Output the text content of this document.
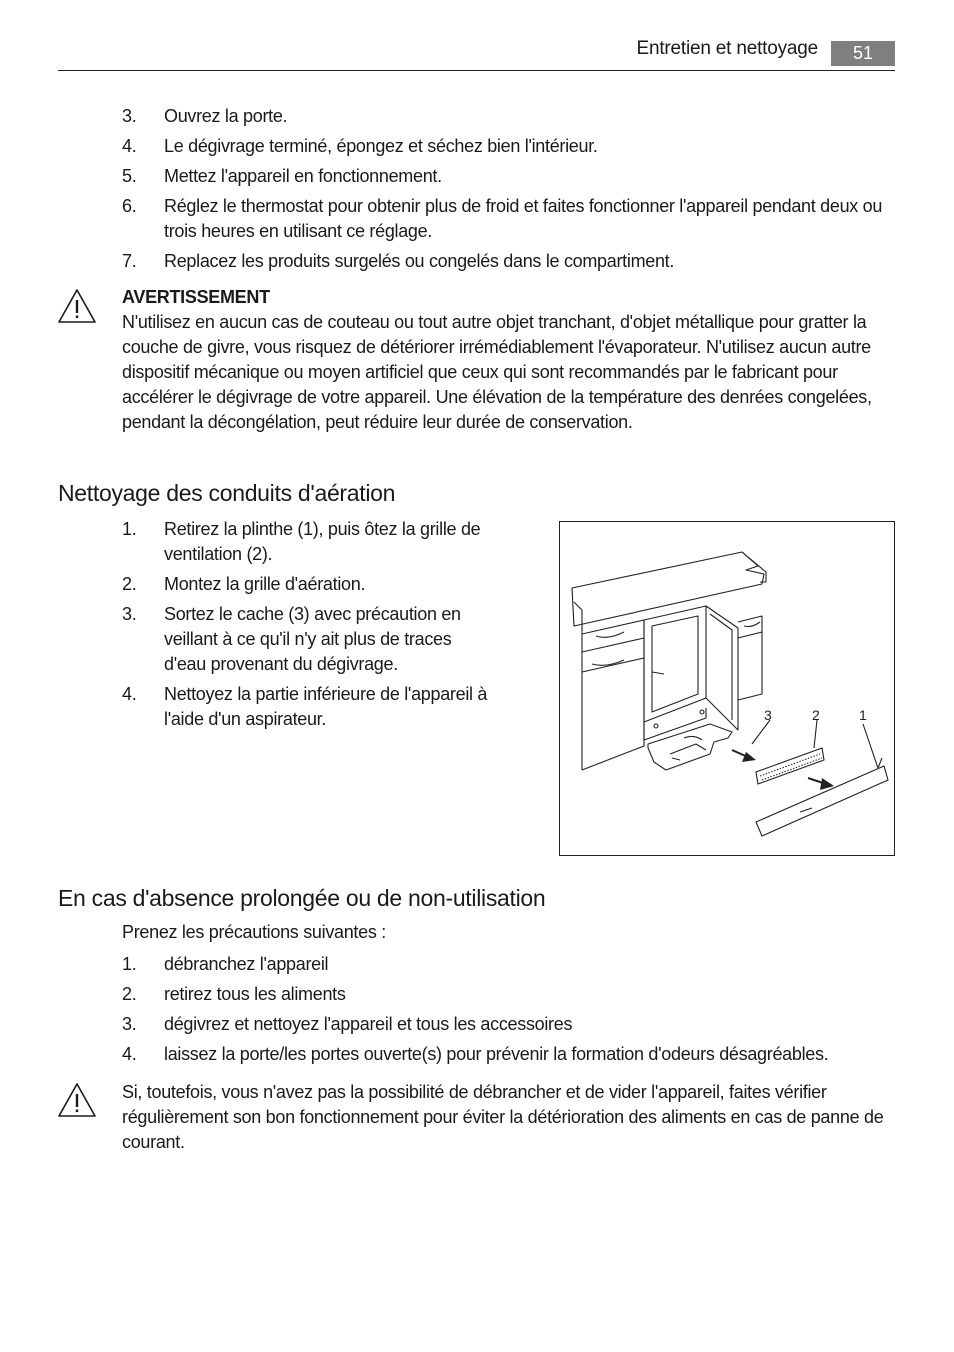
Entretien et nettoyage	51
3. Ouvrez la porte.
4. Le dégivrage terminé, épongez et séchez bien l'intérieur.
5. Mettez l'appareil en fonctionnement.
6. Réglez le thermostat pour obtenir plus de froid et faites fonctionner l'appareil pendant deux ou trois heures en utilisant ce réglage.
7. Replacez les produits surgelés ou congelés dans le compartiment.
AVERTISSEMENT
N'utilisez en aucun cas de couteau ou tout autre objet tranchant, d'objet métallique pour gratter la couche de givre, vous risquez de détériorer irrémédiablement l'évaporateur. N'utilisez aucun autre dispositif mécanique ou moyen artificiel que ceux qui sont recommandés par le fabricant pour accélérer le dégivrage de votre appareil. Une élévation de la température des denrées congelées, pendant la décongélation, peut réduire leur durée de conservation.
Nettoyage des conduits d'aération
1. Retirez la plinthe (1), puis ôtez la grille de ventilation (2).
2. Montez la grille d'aération.
3. Sortez le cache (3) avec précaution en veillant à ce qu'il n'y ait plus de traces d'eau provenant du dégivrage.
4. Nettoyez la partie inférieure de l'appareil à l'aide d'un aspirateur.	3	2	1
En cas d'absence prolongée ou de non-utilisation
Prenez les précautions suivantes :
1. débranchez l'appareil
2. retirez tous les aliments
3. dégivrez et nettoyez l'appareil et tous les accessoires
4. laissez la porte/les portes ouverte(s) pour prévenir la formation d'odeurs désagréables.
Si, toutefois, vous n'avez pas la possibilité de débrancher et de vider l'appareil, faites vérifier régulièrement son bon fonctionnement pour éviter la détérioration des aliments en cas de panne de courant.
